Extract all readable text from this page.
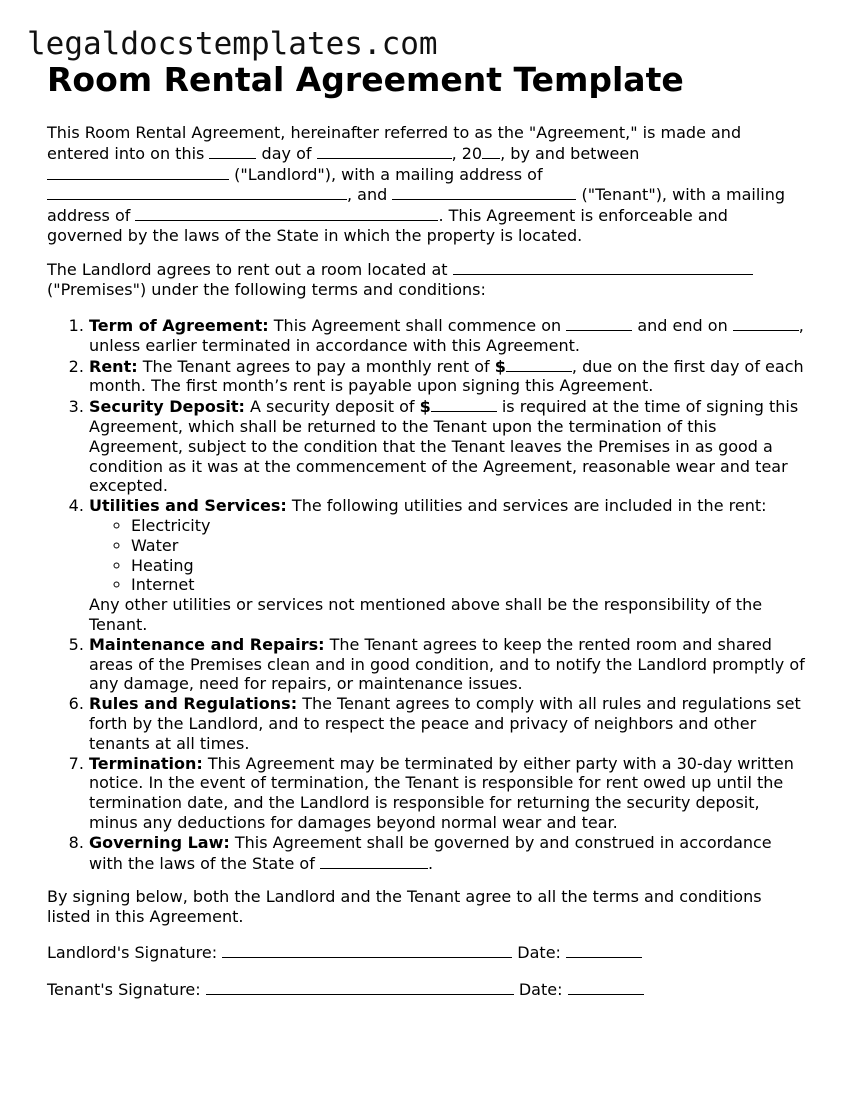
legaldocstemplates.com
Room Rental Agreement Template

This Room Rental Agreement, hereinafter referred to as the "Agreement," is made and entered into on this	day of	, 20 , by and between  ("Landlord"), with a mailing address of , and	("Tenant"), with a mailing address of	. This Agreement is enforceable and governed by the laws of the State in which the property is located.

The Landlord agrees to rent out a room located at  ("Premises") under the following terms and conditions:

1. Term of Agreement: This Agreement shall commence on	and end on	, unless earlier terminated in accordance with this Agreement.
2. Rent: The Tenant agrees to pay a monthly rent of $	, due on the first day of each month. The first month’s rent is payable upon signing this Agreement.
3. Security Deposit: A security deposit of $	is required at the time of signing this Agreement, which shall be returned to the Tenant upon the termination of this Agreement, subject to the condition that the Tenant leaves the Premises in as good a condition as it was at the commencement of the Agreement, reasonable wear and tear excepted.
4. Utilities and Services: The following utilities and services are included in the rent:
◦ Electricity
◦ Water
◦ Heating
◦ Internet
Any other utilities or services not mentioned above shall be the responsibility of the Tenant.
5. Maintenance and Repairs: The Tenant agrees to keep the rented room and shared areas of the Premises clean and in good condition, and to notify the Landlord promptly of any damage, need for repairs, or maintenance issues.
6. Rules and Regulations: The Tenant agrees to comply with all rules and regulations set forth by the Landlord, and to respect the peace and privacy of neighbors and other tenants at all times.
7. Termination: This Agreement may be terminated by either party with a 30-day written notice. In the event of termination, the Tenant is responsible for rent owed up until the termination date, and the Landlord is responsible for returning the security deposit, minus any deductions for damages beyond normal wear and tear.
8. Governing Law: This Agreement shall be governed by and construed in accordance with the laws of the State of	.

By signing below, both the Landlord and the Tenant agree to all the terms and conditions listed in this Agreement.

Landlord's Signature:	Date:
Tenant's Signature:	Date:
